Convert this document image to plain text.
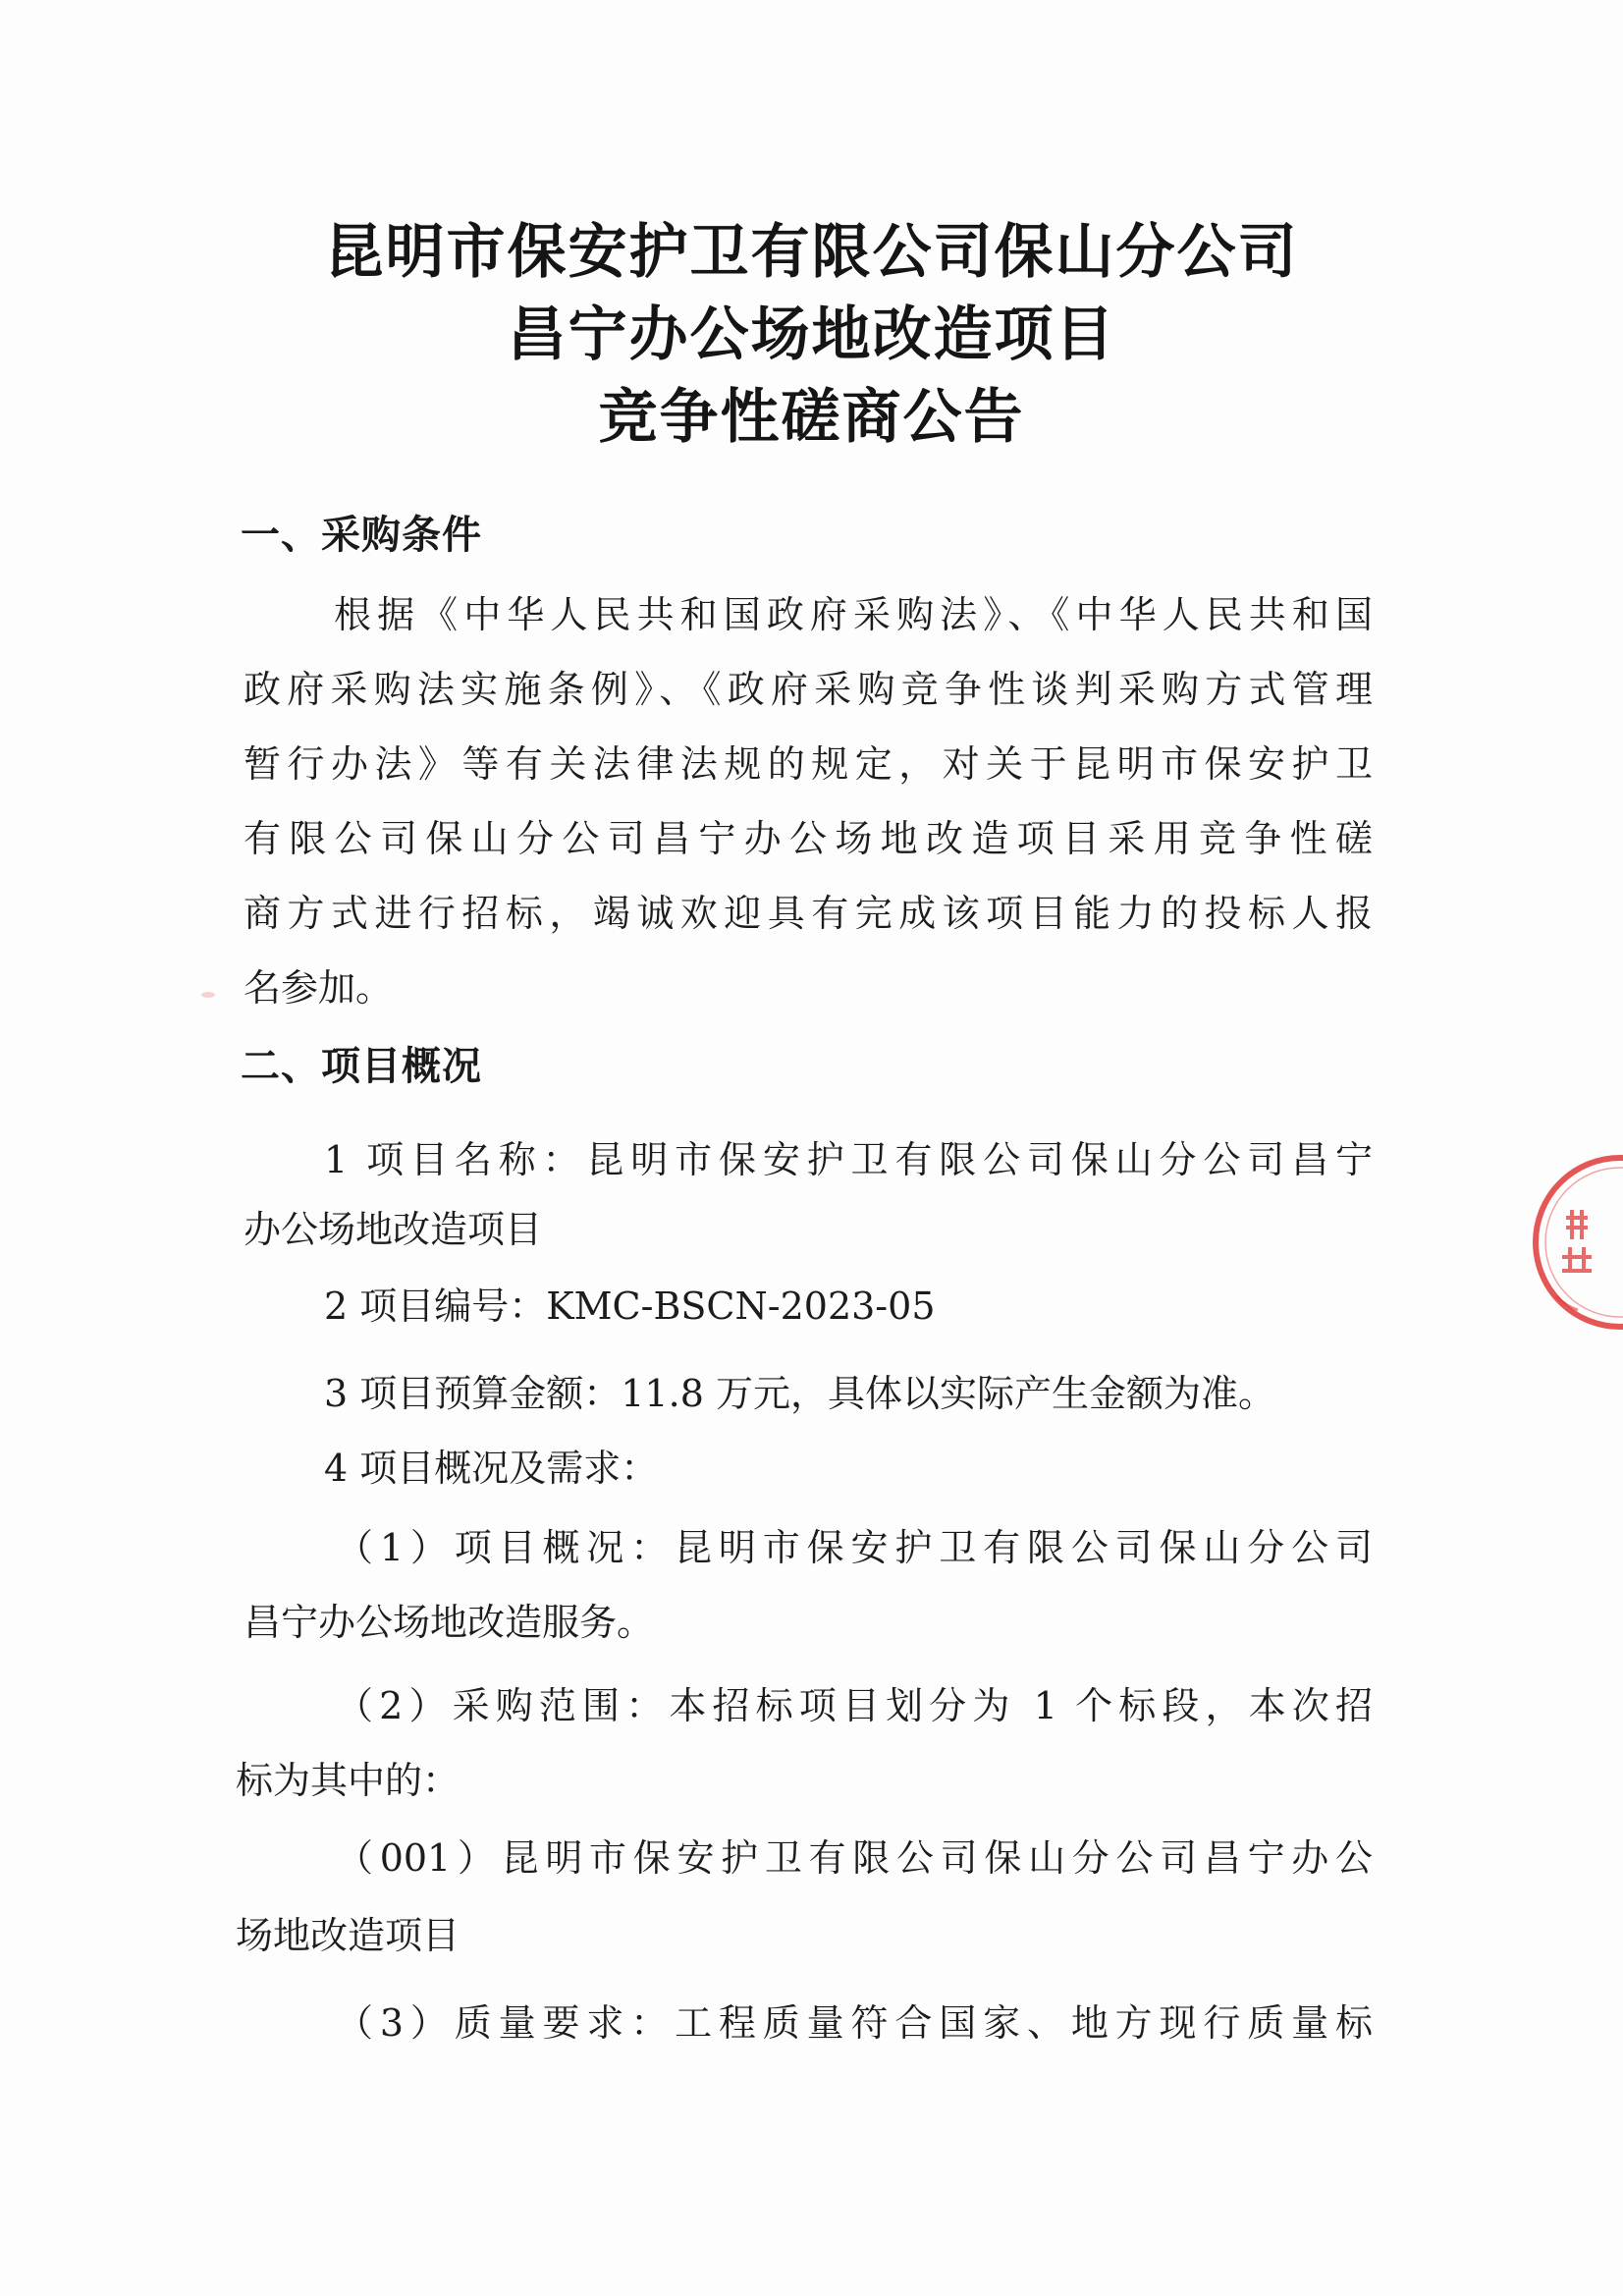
昆明市保安护卫有限公司保山分公司
昌宁办公场地改造项目
竞争性磋商公告
一、采购条件
根据《中华人民共和国政府采购法》、《中华人民共和国
政府采购法实施条例》、《政府采购竞争性谈判采购方式管理
暂行办法》等有关法律法规的规定，对关于昆明市保安护卫
有限公司保山分公司昌宁办公场地改造项目采用竞争性磋
商方式进行招标，竭诚欢迎具有完成该项目能力的投标人报
名参加。
二、项目概况
1 项目名称：昆明市保安护卫有限公司保山分公司昌宁
办公场地改造项目
2 项目编号：KMC-BSCN-2023-05
3 项目预算金额：11.8 万元，具体以实际产生金额为准。
4 项目概况及需求：
（1）项目概况：昆明市保安护卫有限公司保山分公司
昌宁办公场地改造服务。
（2）采购范围：本招标项目划分为 1 个标段，本次招
标为其中的：
（001）昆明市保安护卫有限公司保山分公司昌宁办公
场地改造项目
（3）质量要求：工程质量符合国家、地方现行质量标
